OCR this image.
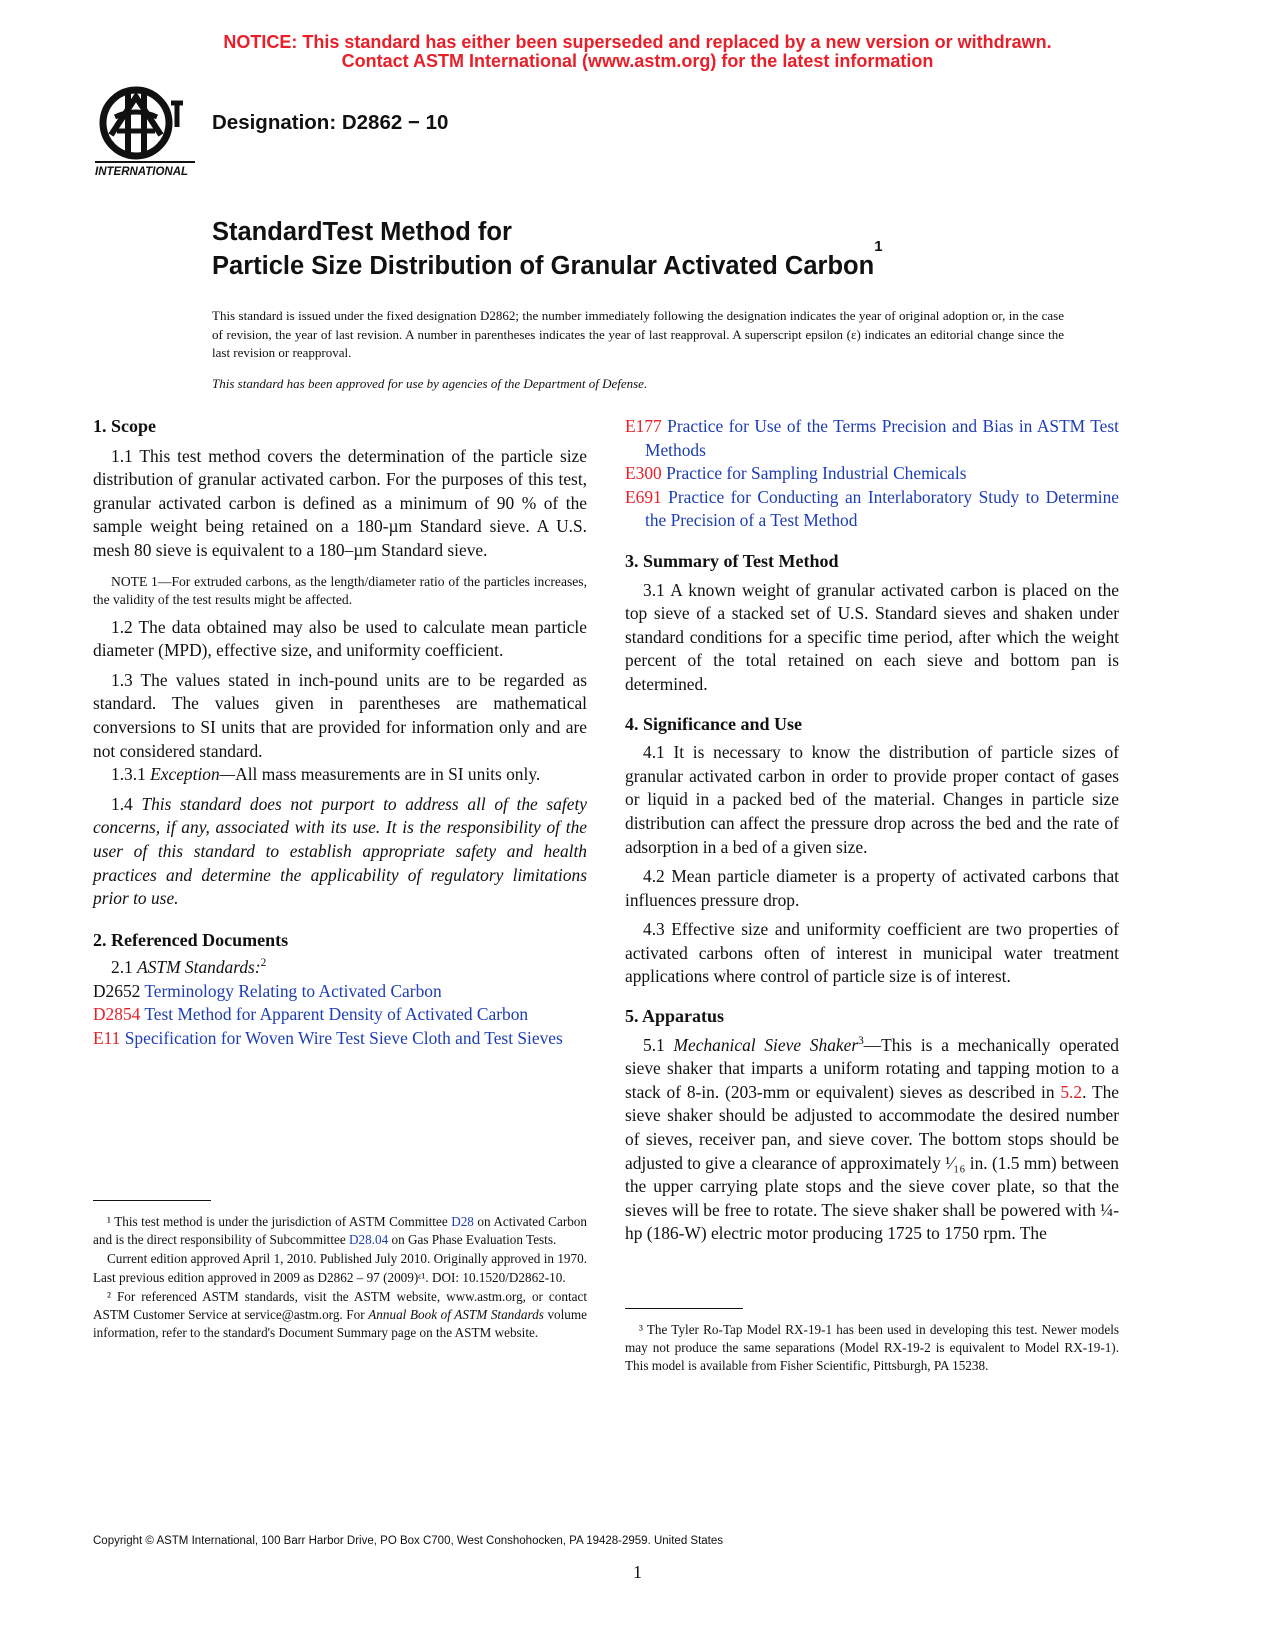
NOTICE: This standard has either been superseded and replaced by a new version or withdrawn.
Contact ASTM International (www.astm.org) for the latest information
INTERNATIONAL
Designation: D2862 − 10
StandardTest Method for
Particle Size Distribution of Granular Activated Carbon$^1$
This standard is issued under the fixed designation D2862; the number immediately following the designation indicates the year of original adoption or, in the case of revision, the year of last revision. A number in parentheses indicates the year of last reapproval. A superscript epsilon (ε) indicates an editorial change since the last revision or reapproval.
This standard has been approved for use by agencies of the Department of Defense.
1. Scope

1.1 This test method covers the determination of the particle size distribution of granular activated carbon. For the purposes of this test, granular activated carbon is defined as a minimum of 90 % of the sample weight being retained on a 180-µm Standard sieve. A U.S. mesh 80 sieve is equivalent to a 180–µm Standard sieve.

NOTE 1—For extruded carbons, as the length/diameter ratio of the particles increases, the validity of the test results might be affected.

1.2 The data obtained may also be used to calculate mean particle diameter (MPD), effective size, and uniformity coefficient.

1.3 The values stated in inch-pound units are to be regarded as standard. The values given in parentheses are mathematical conversions to SI units that are provided for information only and are not considered standard.

1.3.1 Exception—All mass measurements are in SI units only.

1.4 This standard does not purport to address all of the safety concerns, if any, associated with its use. It is the responsibility of the user of this standard to establish appropriate safety and health practices and determine the applicability of regulatory limitations prior to use.

2. Referenced Documents

2.1 ASTM Standards:$^2$

D2652 Terminology Relating to Activated Carbon

D2854 Test Method for Apparent Density of Activated Carbon

E11 Specification for Woven Wire Test Sieve Cloth and Test Sieves

¹ This test method is under the jurisdiction of ASTM Committee D28 on Activated Carbon and is the direct responsibility of Subcommittee D28.04 on Gas Phase Evaluation Tests.

Current edition approved April 1, 2010. Published July 2010. Originally approved in 1970. Last previous edition approved in 2009 as D2862 – 97 (2009)ᵋ¹. DOI: 10.1520/D2862-10.

² For referenced ASTM standards, visit the ASTM website, www.astm.org, or contact ASTM Customer Service at service@astm.org. For Annual Book of ASTM Standards volume information, refer to the standard's Document Summary page on the ASTM website.

E177 Practice for Use of the Terms Precision and Bias in ASTM Test Methods

E300 Practice for Sampling Industrial Chemicals

E691 Practice for Conducting an Interlaboratory Study to Determine the Precision of a Test Method

3. Summary of Test Method

3.1 A known weight of granular activated carbon is placed on the top sieve of a stacked set of U.S. Standard sieves and shaken under standard conditions for a specific time period, after which the weight percent of the total retained on each sieve and bottom pan is determined.

4. Significance and Use

4.1 It is necessary to know the distribution of particle sizes of granular activated carbon in order to provide proper contact of gases or liquid in a packed bed of the material. Changes in particle size distribution can affect the pressure drop across the bed and the rate of adsorption in a bed of a given size.

4.2 Mean particle diameter is a property of activated carbons that influences pressure drop.

4.3 Effective size and uniformity coefficient are two properties of activated carbons often of interest in municipal water treatment applications where control of particle size is of interest.

5. Apparatus

5.1 Mechanical Sieve Shaker$^3$—This is a mechanically operated sieve shaker that imparts a uniform rotating and tapping motion to a stack of 8-in. (203-mm or equivalent) sieves as described in 5.2. The sieve shaker should be adjusted to accommodate the desired number of sieves, receiver pan, and sieve cover. The bottom stops should be adjusted to give a clearance of approximately ¹⁄₁₆ in. (1.5 mm) between the upper carrying plate stops and the sieve cover plate, so that the sieves will be free to rotate. The sieve shaker shall be powered with ¼-hp (186-W) electric motor producing 1725 to 1750 rpm. The

³ The Tyler Ro-Tap Model RX-19-1 has been used in developing this test. Newer models may not produce the same separations (Model RX-19-2 is equivalent to Model RX-19-1). This model is available from Fisher Scientific, Pittsburgh, PA 15238.

Copyright © ASTM International, 100 Barr Harbor Drive, PO Box C700, West Conshohocken, PA 19428-2959. United States
1
